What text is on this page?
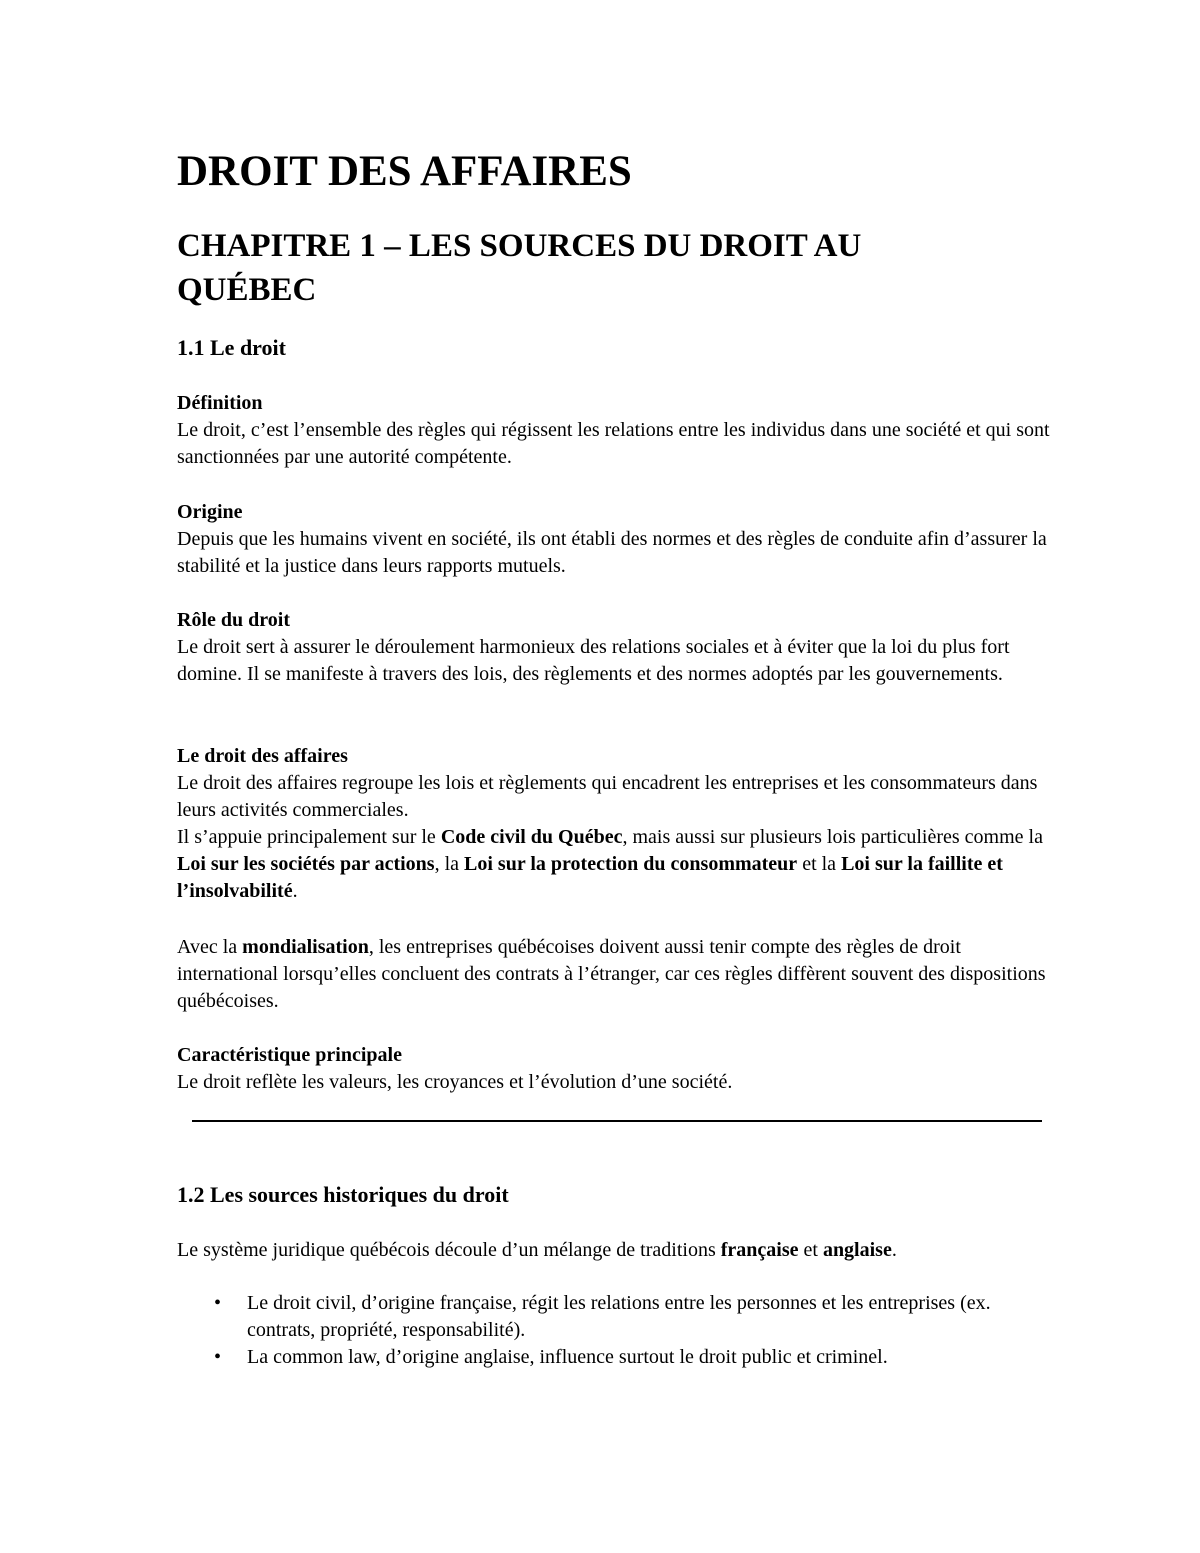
DROIT DES AFFAIRES
CHAPITRE 1 – LES SOURCES DU DROIT AU QUÉBEC
1.1 Le droit
Définition

Le droit, c’est l’ensemble des règles qui régissent les relations entre les individus dans une société et qui sont sanctionnées par une autorité compétente.

Origine

Depuis que les humains vivent en société, ils ont établi des normes et des règles de conduite afin d’assurer la stabilité et la justice dans leurs rapports mutuels.

Rôle du droit

Le droit sert à assurer le déroulement harmonieux des relations sociales et à éviter que la loi du plus fort domine. Il se manifeste à travers des lois, des règlements et des normes adoptés par les gouvernements.

Le droit des affaires

Le droit des affaires regroupe les lois et règlements qui encadrent les entreprises et les consommateurs dans leurs activités commerciales.

Il s’appuie principalement sur le Code civil du Québec, mais aussi sur plusieurs lois particulières comme la Loi sur les sociétés par actions, la Loi sur la protection du consommateur et la Loi sur la faillite et l’insolvabilité.

Avec la mondialisation, les entreprises québécoises doivent aussi tenir compte des règles de droit international lorsqu’elles concluent des contrats à l’étranger, car ces règles diffèrent souvent des dispositions québécoises.

Caractéristique principale

Le droit reflète les valeurs, les croyances et l’évolution d’une société.

1.2 Les sources historiques du droit

Le système juridique québécois découle d’un mélange de traditions française et anglaise.

• Le droit civil, d’origine française, régit les relations entre les personnes et les entreprises (ex. contrats, propriété, responsabilité).
• La common law, d’origine anglaise, influence surtout le droit public et criminel.
